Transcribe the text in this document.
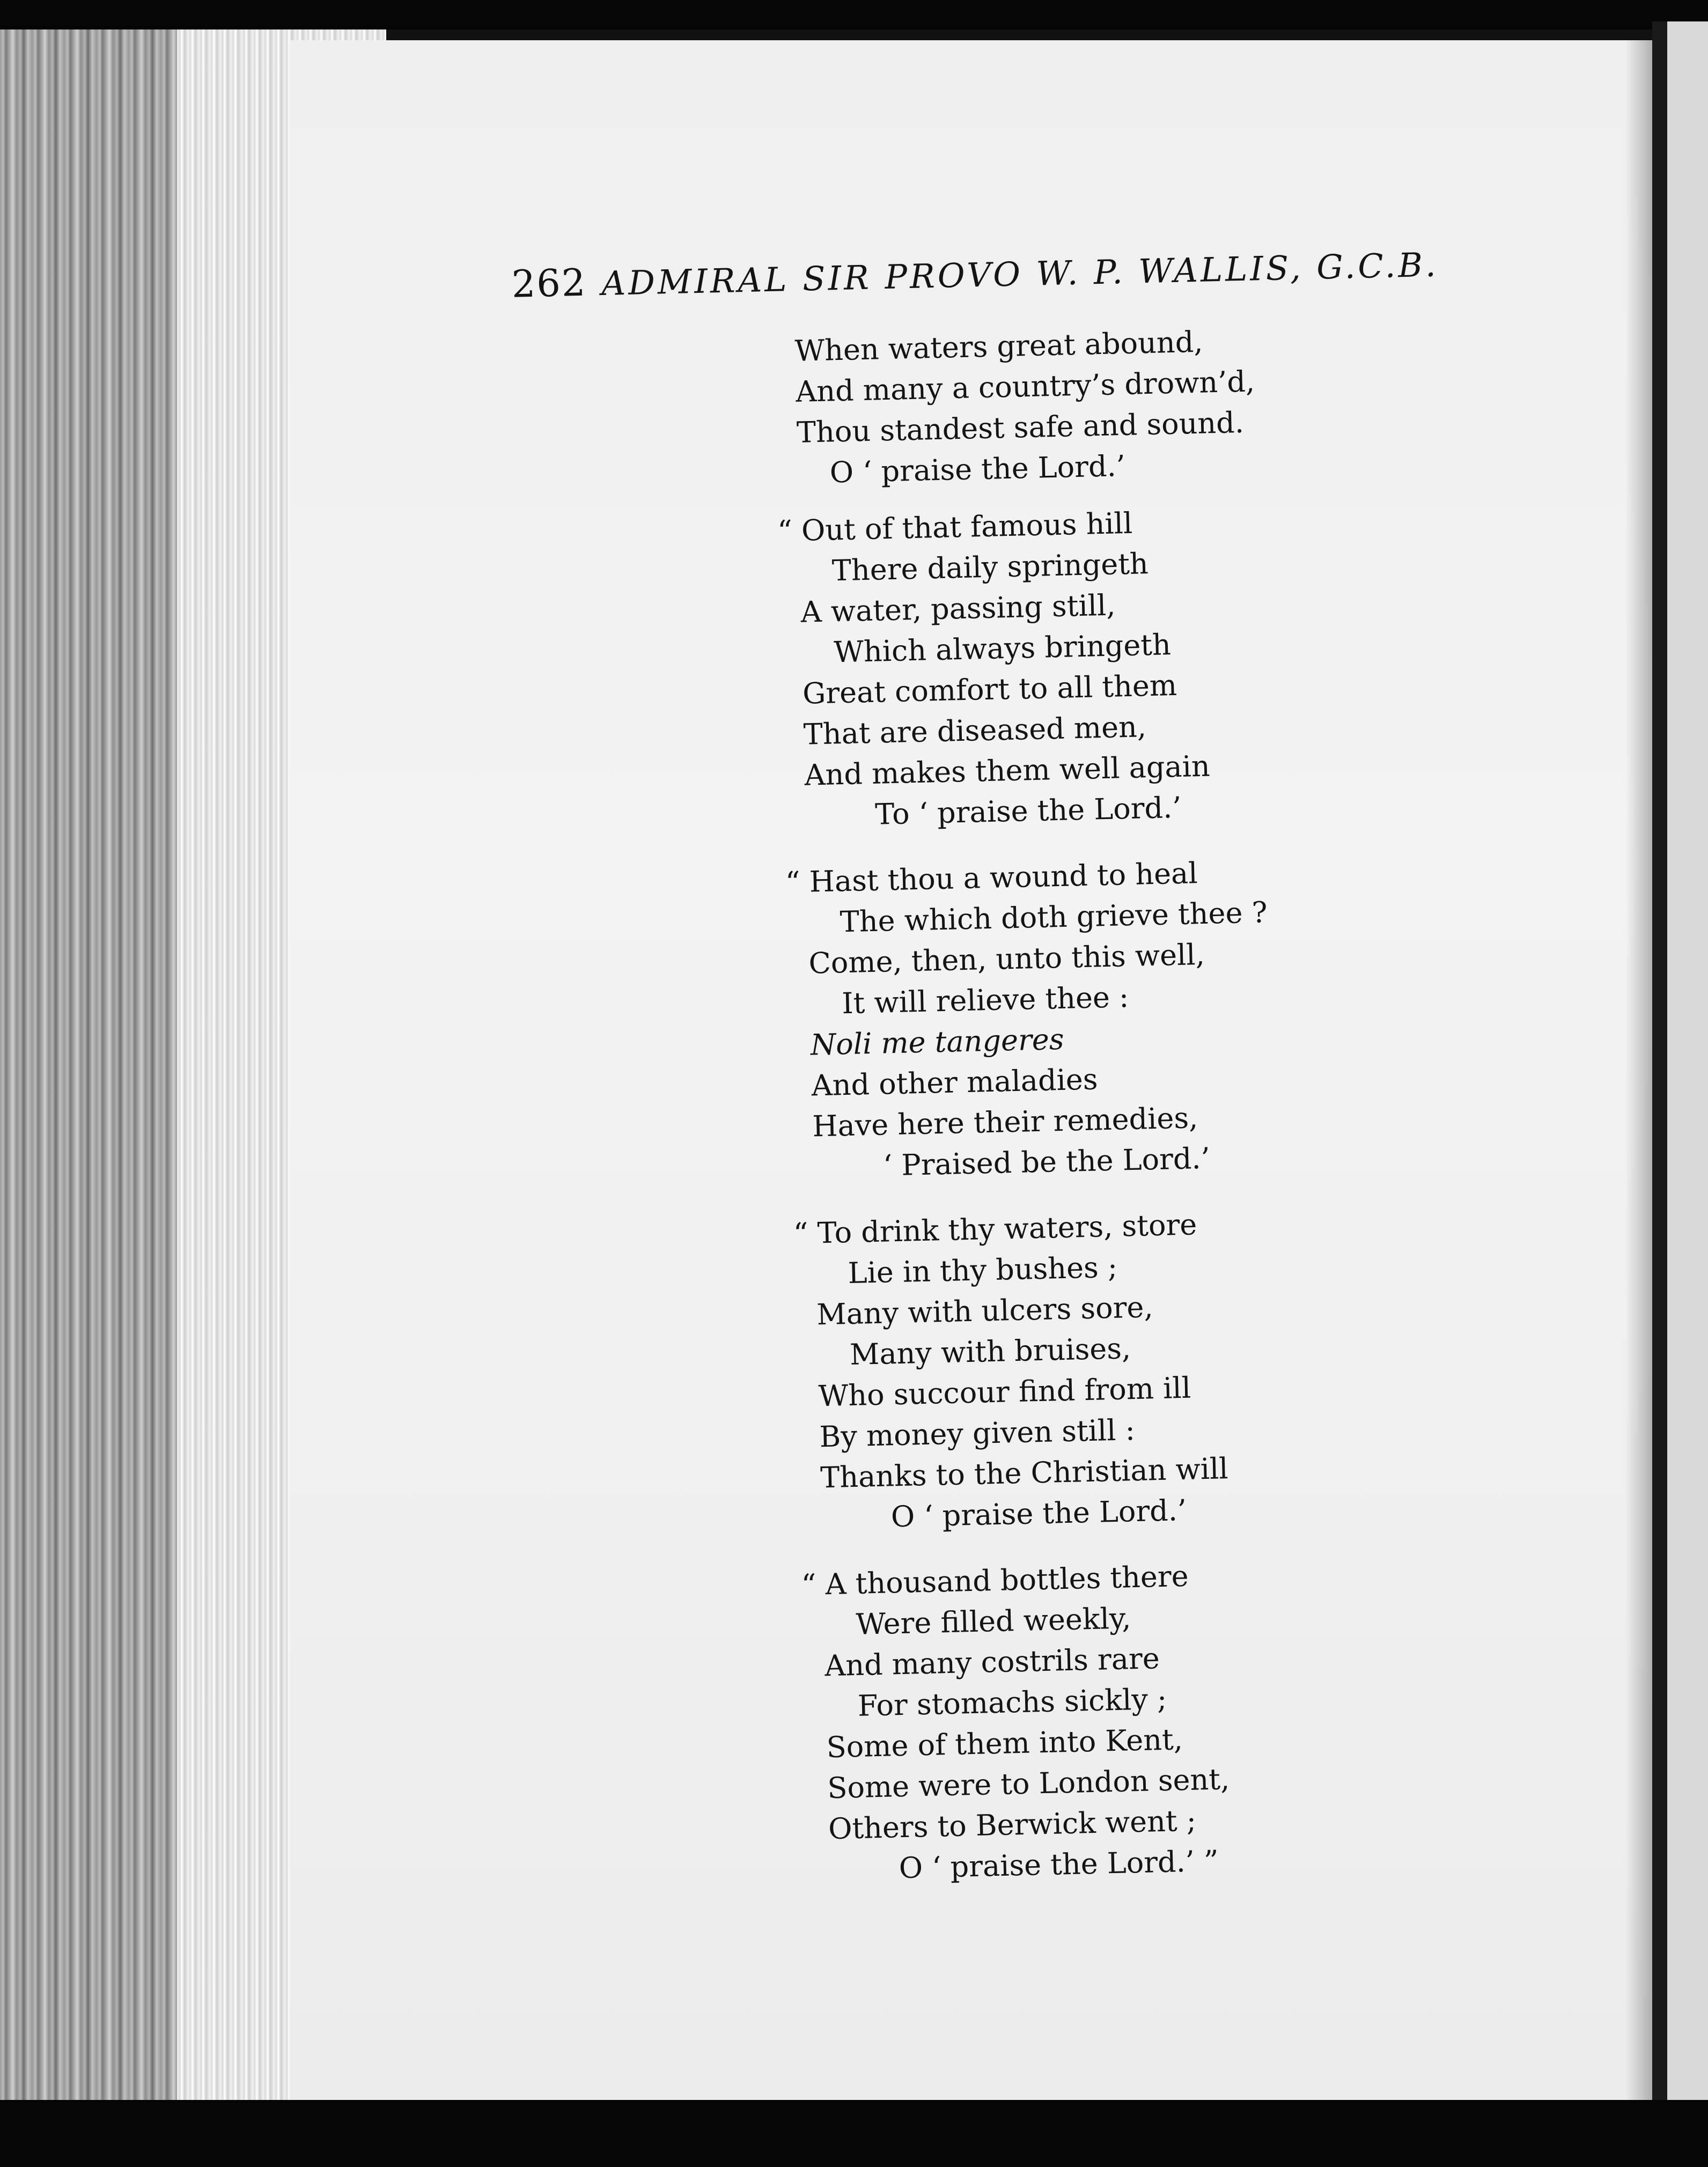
262 ADMIRAL SIR PROVO W. P. WALLIS, G.C.B.
When waters great abound,
And many a country’s drown’d,
Thou standest safe and sound.
O ‘ praise the Lord.’
“ Out of that famous hill
There daily springeth
A water, passing still,
Which always bringeth
Great comfort to all them
That are diseased men,
And makes them well again
To ‘ praise the Lord.’
“ Hast thou a wound to heal
The which doth grieve thee ?
Come, then, unto this well,
It will relieve thee :
Noli me tangeres
And other maladies
Have here their remedies,
‘ Praised be the Lord.’
“ To drink thy waters, store
Lie in thy bushes ;
Many with ulcers sore,
Many with bruises,
Who succour find from ill
By money given still :
Thanks to the Christian will
O ‘ praise the Lord.’
“ A thousand bottles there
Were filled weekly,
And many costrils rare
For stomachs sickly ;
Some of them into Kent,
Some were to London sent,
Others to Berwick went ;
O ‘ praise the Lord.’ ”
